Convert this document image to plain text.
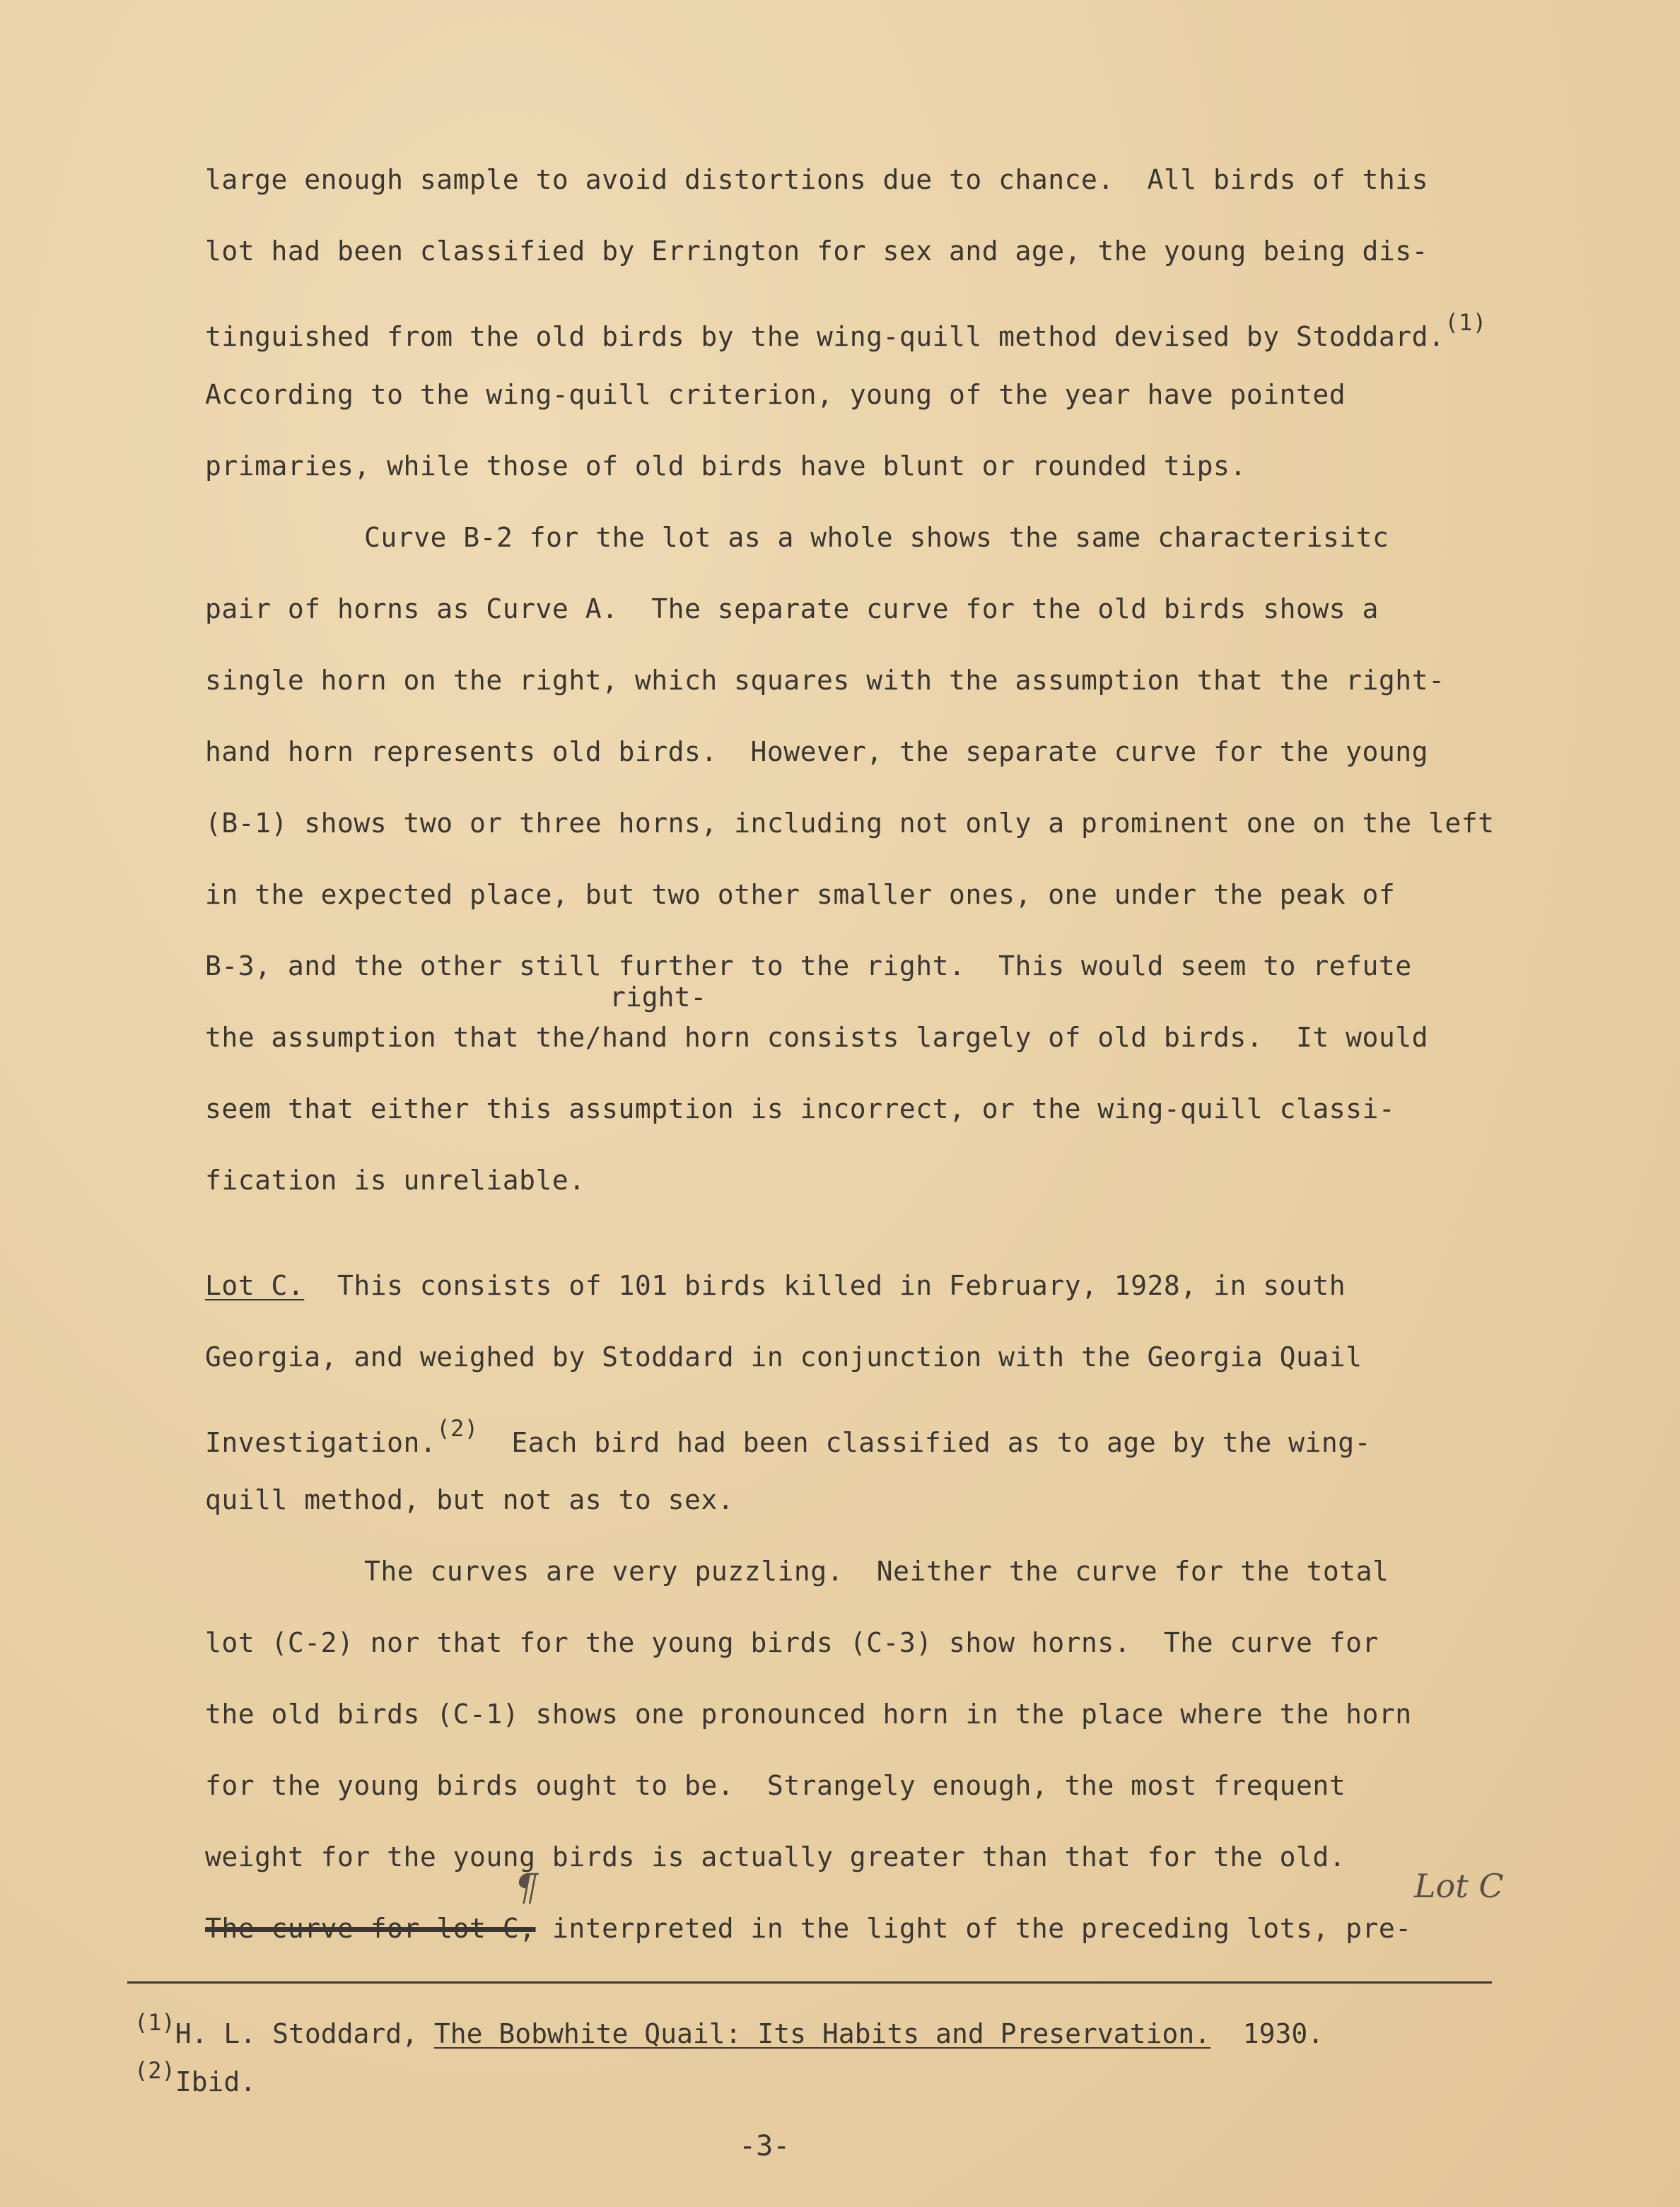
large enough sample to avoid distortions due to chance.  All birds of this
lot had been classified by Errington for sex and age, the young being dis-
tinguished from the old birds by the wing-quill method devised by Stoddard.$^{(1)}$
According to the wing-quill criterion, young of the year have pointed
primaries, while those of old birds have blunt or rounded tips.
Curve B-2 for the lot as a whole shows the same characterisitc
pair of horns as Curve A.  The separate curve for the old birds shows a
single horn on the right, which squares with the assumption that the right-
hand horn represents old birds.  However, the separate curve for the young
(B-1) shows two or three horns, including not only a prominent one on the left
in the expected place, but two other smaller ones, one under the peak of
B-3, and the other still further to the right.  This would seem to refute
right-
the assumption that the/hand horn consists largely of old birds.  It would
seem that either this assumption is incorrect, or the wing-quill classi-
fication is unreliable.
Lot C.  This consists of 101 birds killed in February, 1928, in south
Georgia, and weighed by Stoddard in conjunction with the Georgia Quail
Investigation.$^{(2)}$  Each bird had been classified as to age by the wing-
quill method, but not as to sex.
The curves are very puzzling.  Neither the curve for the total
lot (C-2) nor that for the young birds (C-3) show horns.  The curve for
the old birds (C-1) shows one pronounced horn in the place where the horn
for the young birds ought to be.  Strangely enough, the most frequent
weight for the young birds is actually greater than that for the old.
The curve for lot C, interpreted in the light of the preceding lots, pre-
¶	Lot C
$^{(1)}$H. L. Stoddard, The Bobwhite Quail: Its Habits and Preservation.  1930.
$^{(2)}$Ibid.
-3-
